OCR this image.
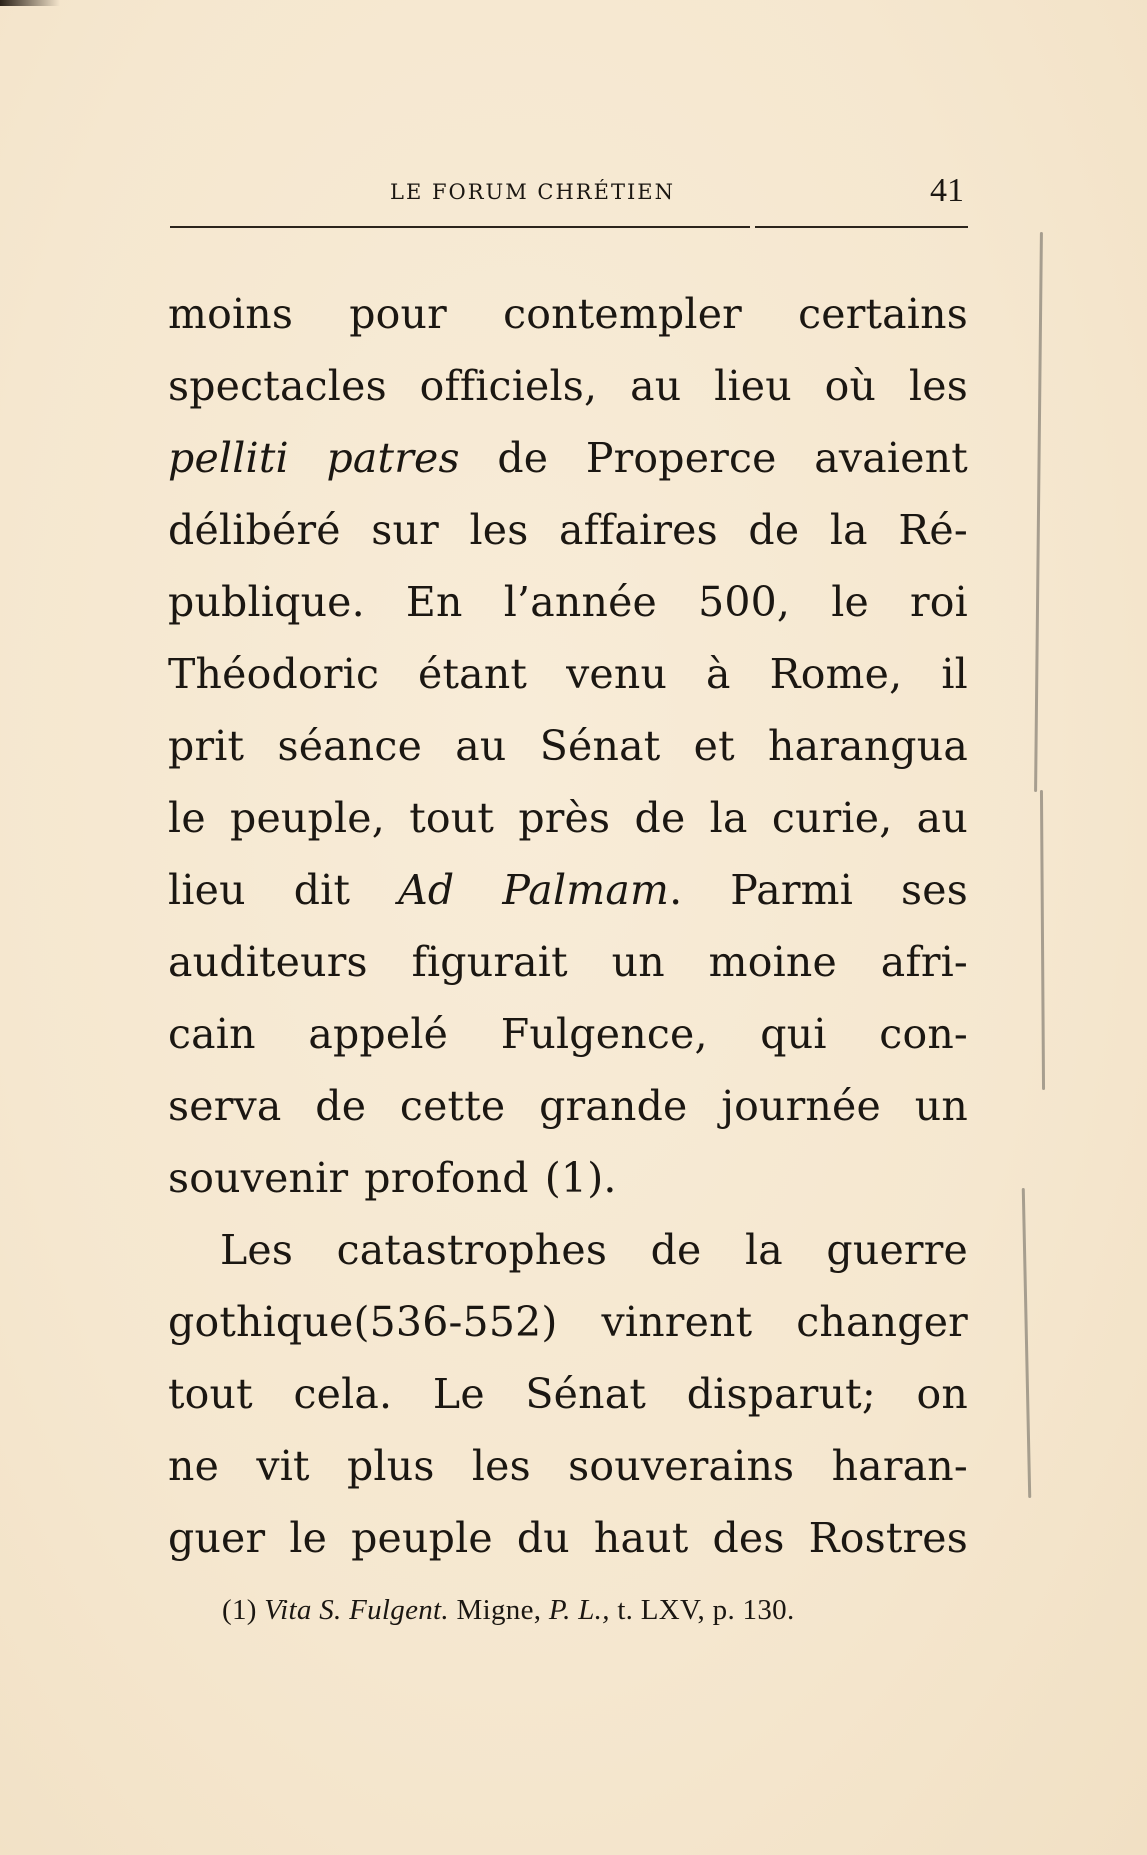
LE FORUM CHRÉTIEN	41
moins pour contempler certains
spectacles officiels, au lieu où les
pelliti patres de Properce avaient
délibéré sur les affaires de la Ré-
publique. En l’année 500, le roi
Théodoric étant venu à Rome, il
prit séance au Sénat et harangua
le peuple, tout près de la curie, au
lieu dit Ad Palmam. Parmi ses
auditeurs figurait un moine afri-
cain appelé Fulgence, qui con-
serva de cette grande journée un
souvenir profond (1).
Les catastrophes de la guerre
gothique(536-552) vinrent changer
tout cela. Le Sénat disparut; on
ne vit plus les souverains haran-
guer le peuple du haut des Rostres
(1) Vita S. Fulgent. Migne, P. L., t. LXV, p. 130.
